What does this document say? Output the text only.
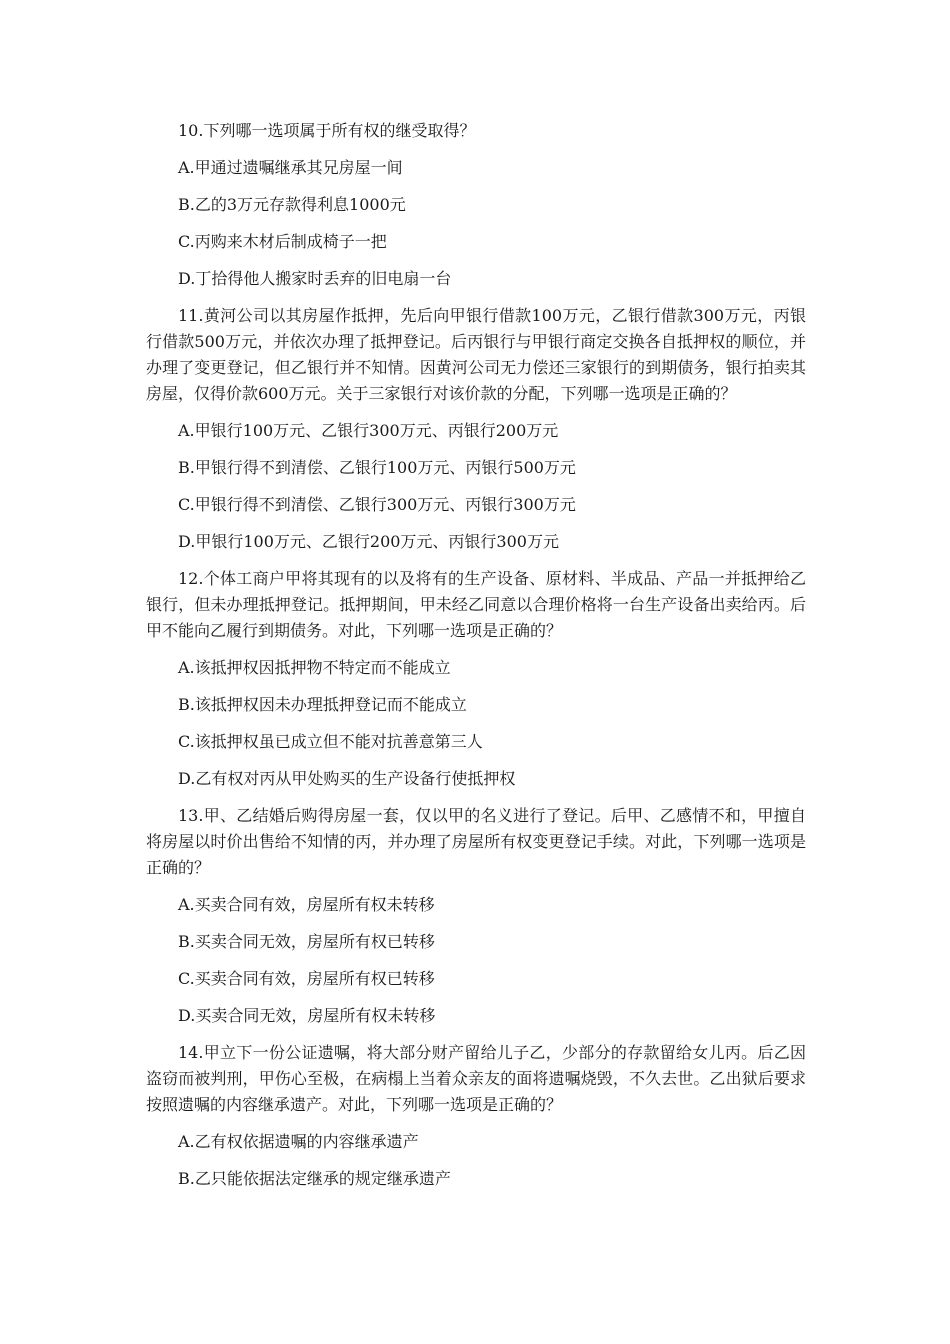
10.下列哪一选项属于所有权的继受取得？

A.甲通过遗嘱继承其兄房屋一间

B.乙的3万元存款得利息1000元

C.丙购来木材后制成椅子一把

D.丁拾得他人搬家时丢弃的旧电扇一台

11.黄河公司以其房屋作抵押，先后向甲银行借款100万元，乙银行借款300万元，丙银行借款500万元，并依次办理了抵押登记。后丙银行与甲银行商定交换各自抵押权的顺位，并办理了变更登记，但乙银行并不知情。因黄河公司无力偿还三家银行的到期债务，银行拍卖其房屋，仅得价款600万元。关于三家银行对该价款的分配，下列哪一选项是正确的？

A.甲银行100万元、乙银行300万元、丙银行200万元

B.甲银行得不到清偿、乙银行100万元、丙银行500万元

C.甲银行得不到清偿、乙银行300万元、丙银行300万元

D.甲银行100万元、乙银行200万元、丙银行300万元

12.个体工商户甲将其现有的以及将有的生产设备、原材料、半成品、产品一并抵押给乙银行，但未办理抵押登记。抵押期间，甲未经乙同意以合理价格将一台生产设备出卖给丙。后甲不能向乙履行到期债务。对此，下列哪一选项是正确的？

A.该抵押权因抵押物不特定而不能成立

B.该抵押权因未办理抵押登记而不能成立

C.该抵押权虽已成立但不能对抗善意第三人

D.乙有权对丙从甲处购买的生产设备行使抵押权

13.甲、乙结婚后购得房屋一套，仅以甲的名义进行了登记。后甲、乙感情不和，甲擅自将房屋以时价出售给不知情的丙，并办理了房屋所有权变更登记手续。对此，下列哪一选项是正确的？

A.买卖合同有效，房屋所有权未转移

B.买卖合同无效，房屋所有权已转移

C.买卖合同有效，房屋所有权已转移

D.买卖合同无效，房屋所有权未转移

14.甲立下一份公证遗嘱，将大部分财产留给儿子乙，少部分的存款留给女儿丙。后乙因盗窃而被判刑，甲伤心至极，在病榻上当着众亲友的面将遗嘱烧毁，不久去世。乙出狱后要求按照遗嘱的内容继承遗产。对此，下列哪一选项是正确的？

A.乙有权依据遗嘱的内容继承遗产

B.乙只能依据法定继承的规定继承遗产
